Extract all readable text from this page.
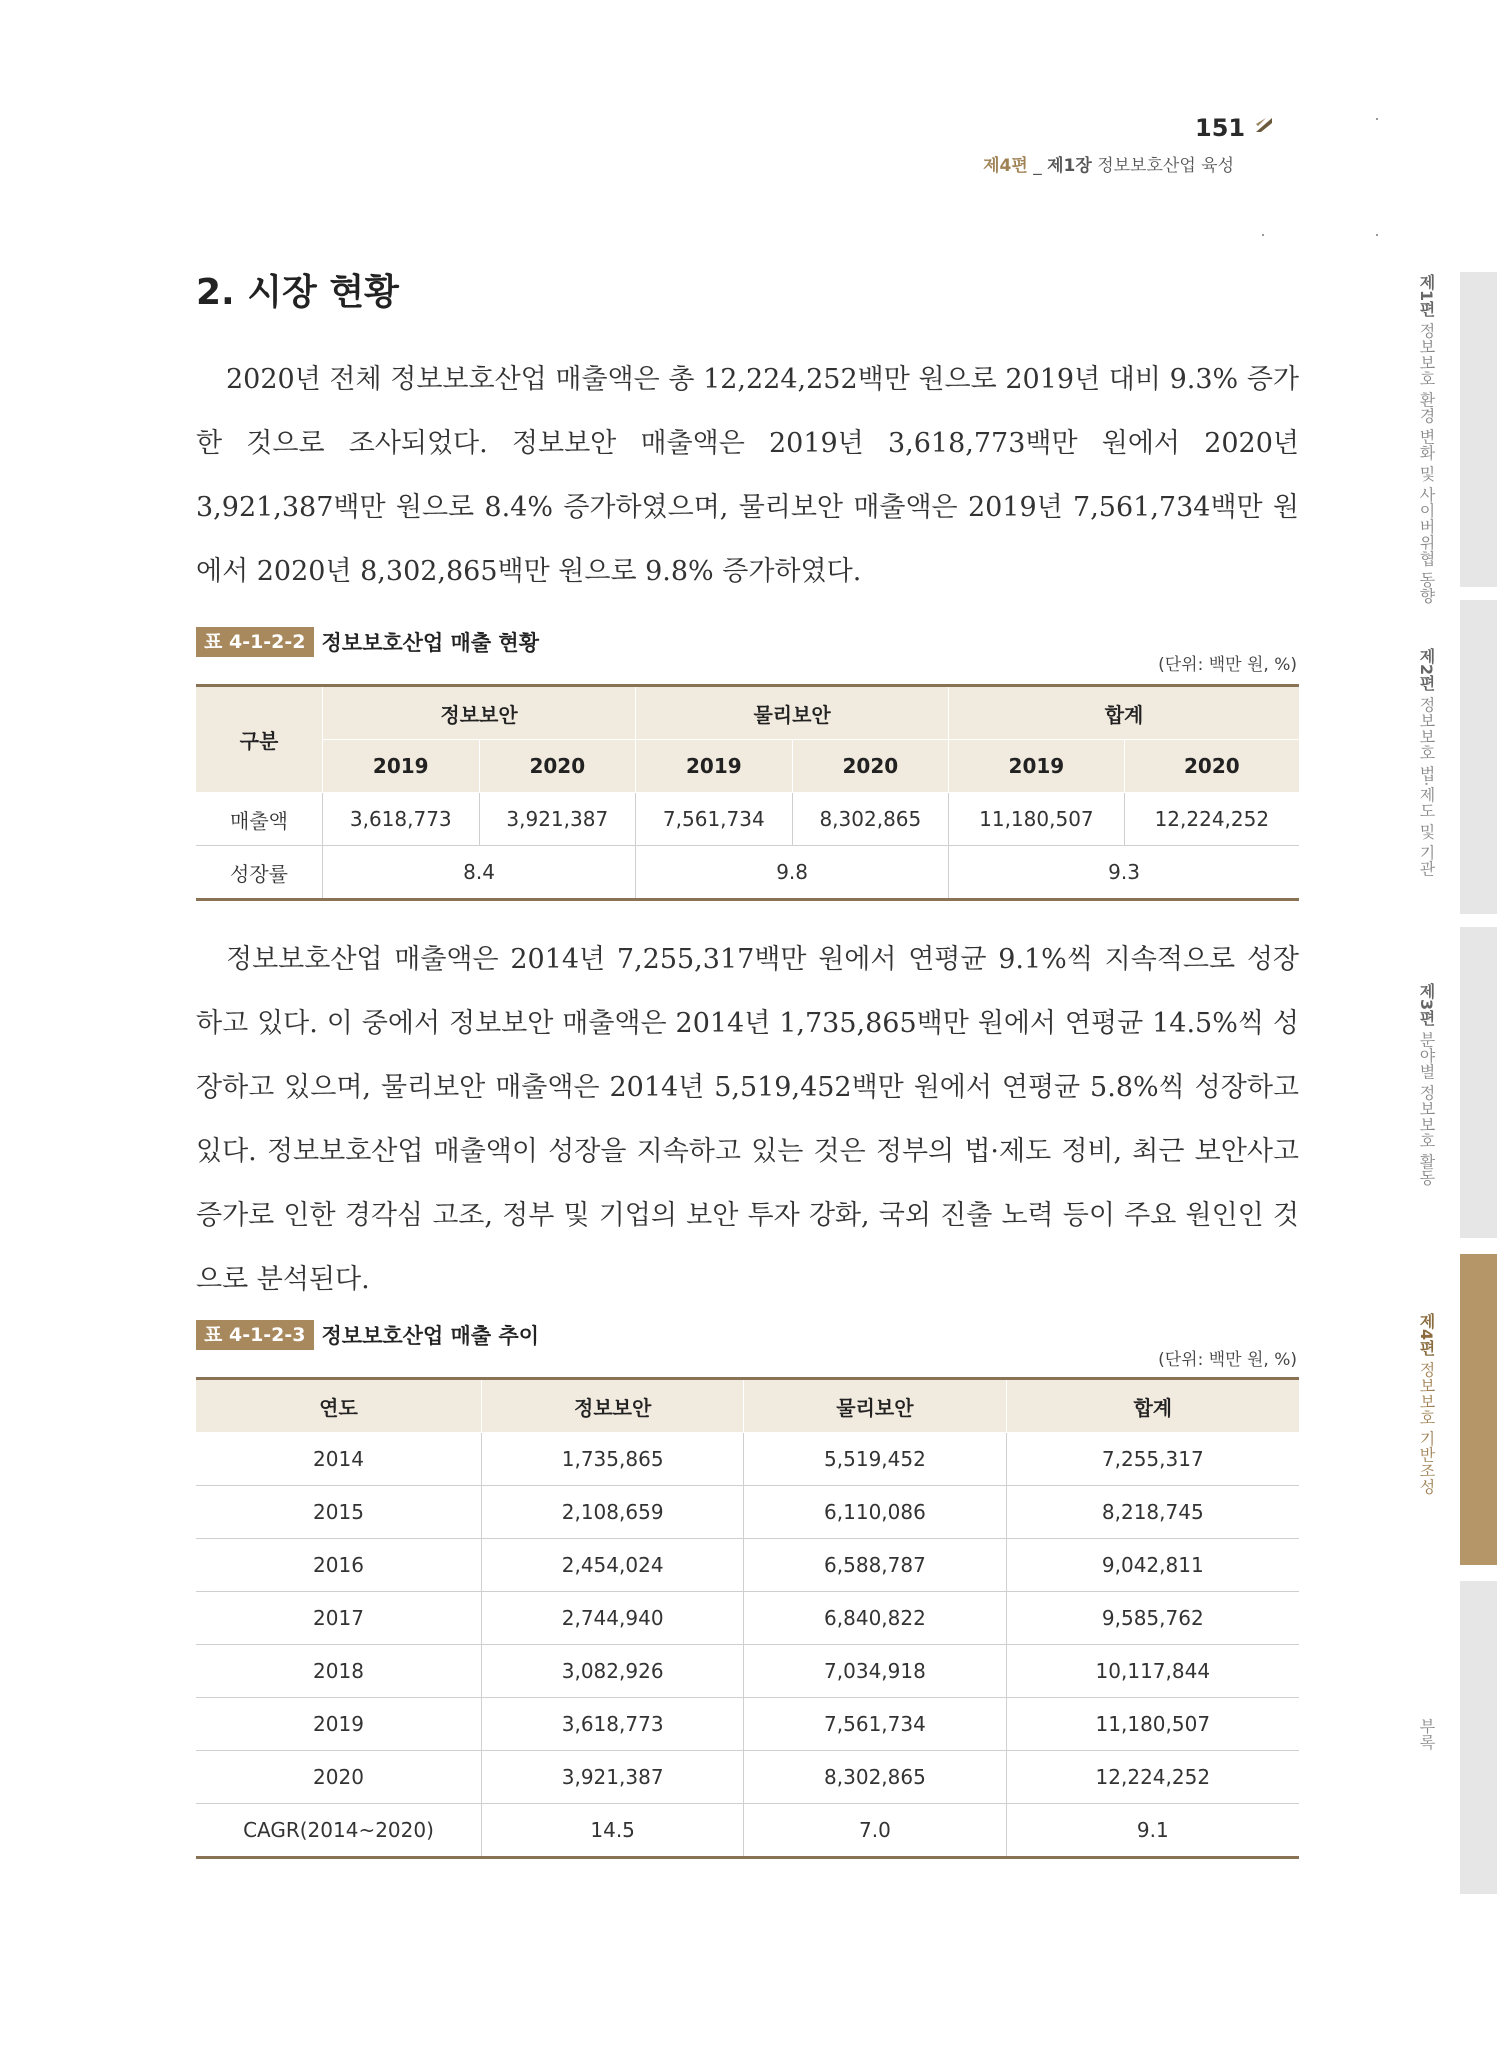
151
제4편 _ 제1장 정보보호산업 육성
2. 시장 현황

2020년 전체 정보보호산업 매출액은 총 12,224,252백만 원으로 2019년 대비 9.3% 증가한 것으로 조사되었다. 정보보안 매출액은 2019년 3,618,773백만 원에서 2020년 3,921,387백만 원으로 8.4% 증가하였으며, 물리보안 매출액은 2019년 7,561,734백만 원에서 2020년 8,302,865백만 원으로 9.8% 증가하였다.

표 4-1-2-2 정보보호산업 매출 현황
(단위: 백만 원, %)
구분	정보보안		물리보안		합계	
	2019	2020	2019	2020	2019	2020
매출액	3,618,773	3,921,387	7,561,734	8,302,865	11,180,507	12,224,252
성장률	8.4		9.8		9.3	

정보보호산업 매출액은 2014년 7,255,317백만 원에서 연평균 9.1%씩 지속적으로 성장하고 있다. 이 중에서 정보보안 매출액은 2014년 1,735,865백만 원에서 연평균 14.5%씩 성장하고 있으며, 물리보안 매출액은 2014년 5,519,452백만 원에서 연평균 5.8%씩 성장하고 있다. 정보보호산업 매출액이 성장을 지속하고 있는 것은 정부의 법·제도 정비, 최근 보안사고 증가로 인한 경각심 고조, 정부 및 기업의 보안 투자 강화, 국외 진출 노력 등이 주요 원인인 것으로 분석된다.

표 4-1-2-3 정보보호산업 매출 추이
(단위: 백만 원, %)
연도	정보보안	물리보안	합계
2014	1,735,865	5,519,452	7,255,317
2015	2,108,659	6,110,086	8,218,745
2016	2,454,024	6,588,787	9,042,811
2017	2,744,940	6,840,822	9,585,762
2018	3,082,926	7,034,918	10,117,844
2019	3,618,773	7,561,734	11,180,507
2020	3,921,387	8,302,865	12,224,252
CAGR(2014~2020)	14.5	7.0	9.1
제1편 정보보호 환경 변화 및 사이버위협 동향
제2편 정보보호 법·제도 및 기관
제3편 분야별 정보보호 활동
제4편 정보보호 기반조성
부록
